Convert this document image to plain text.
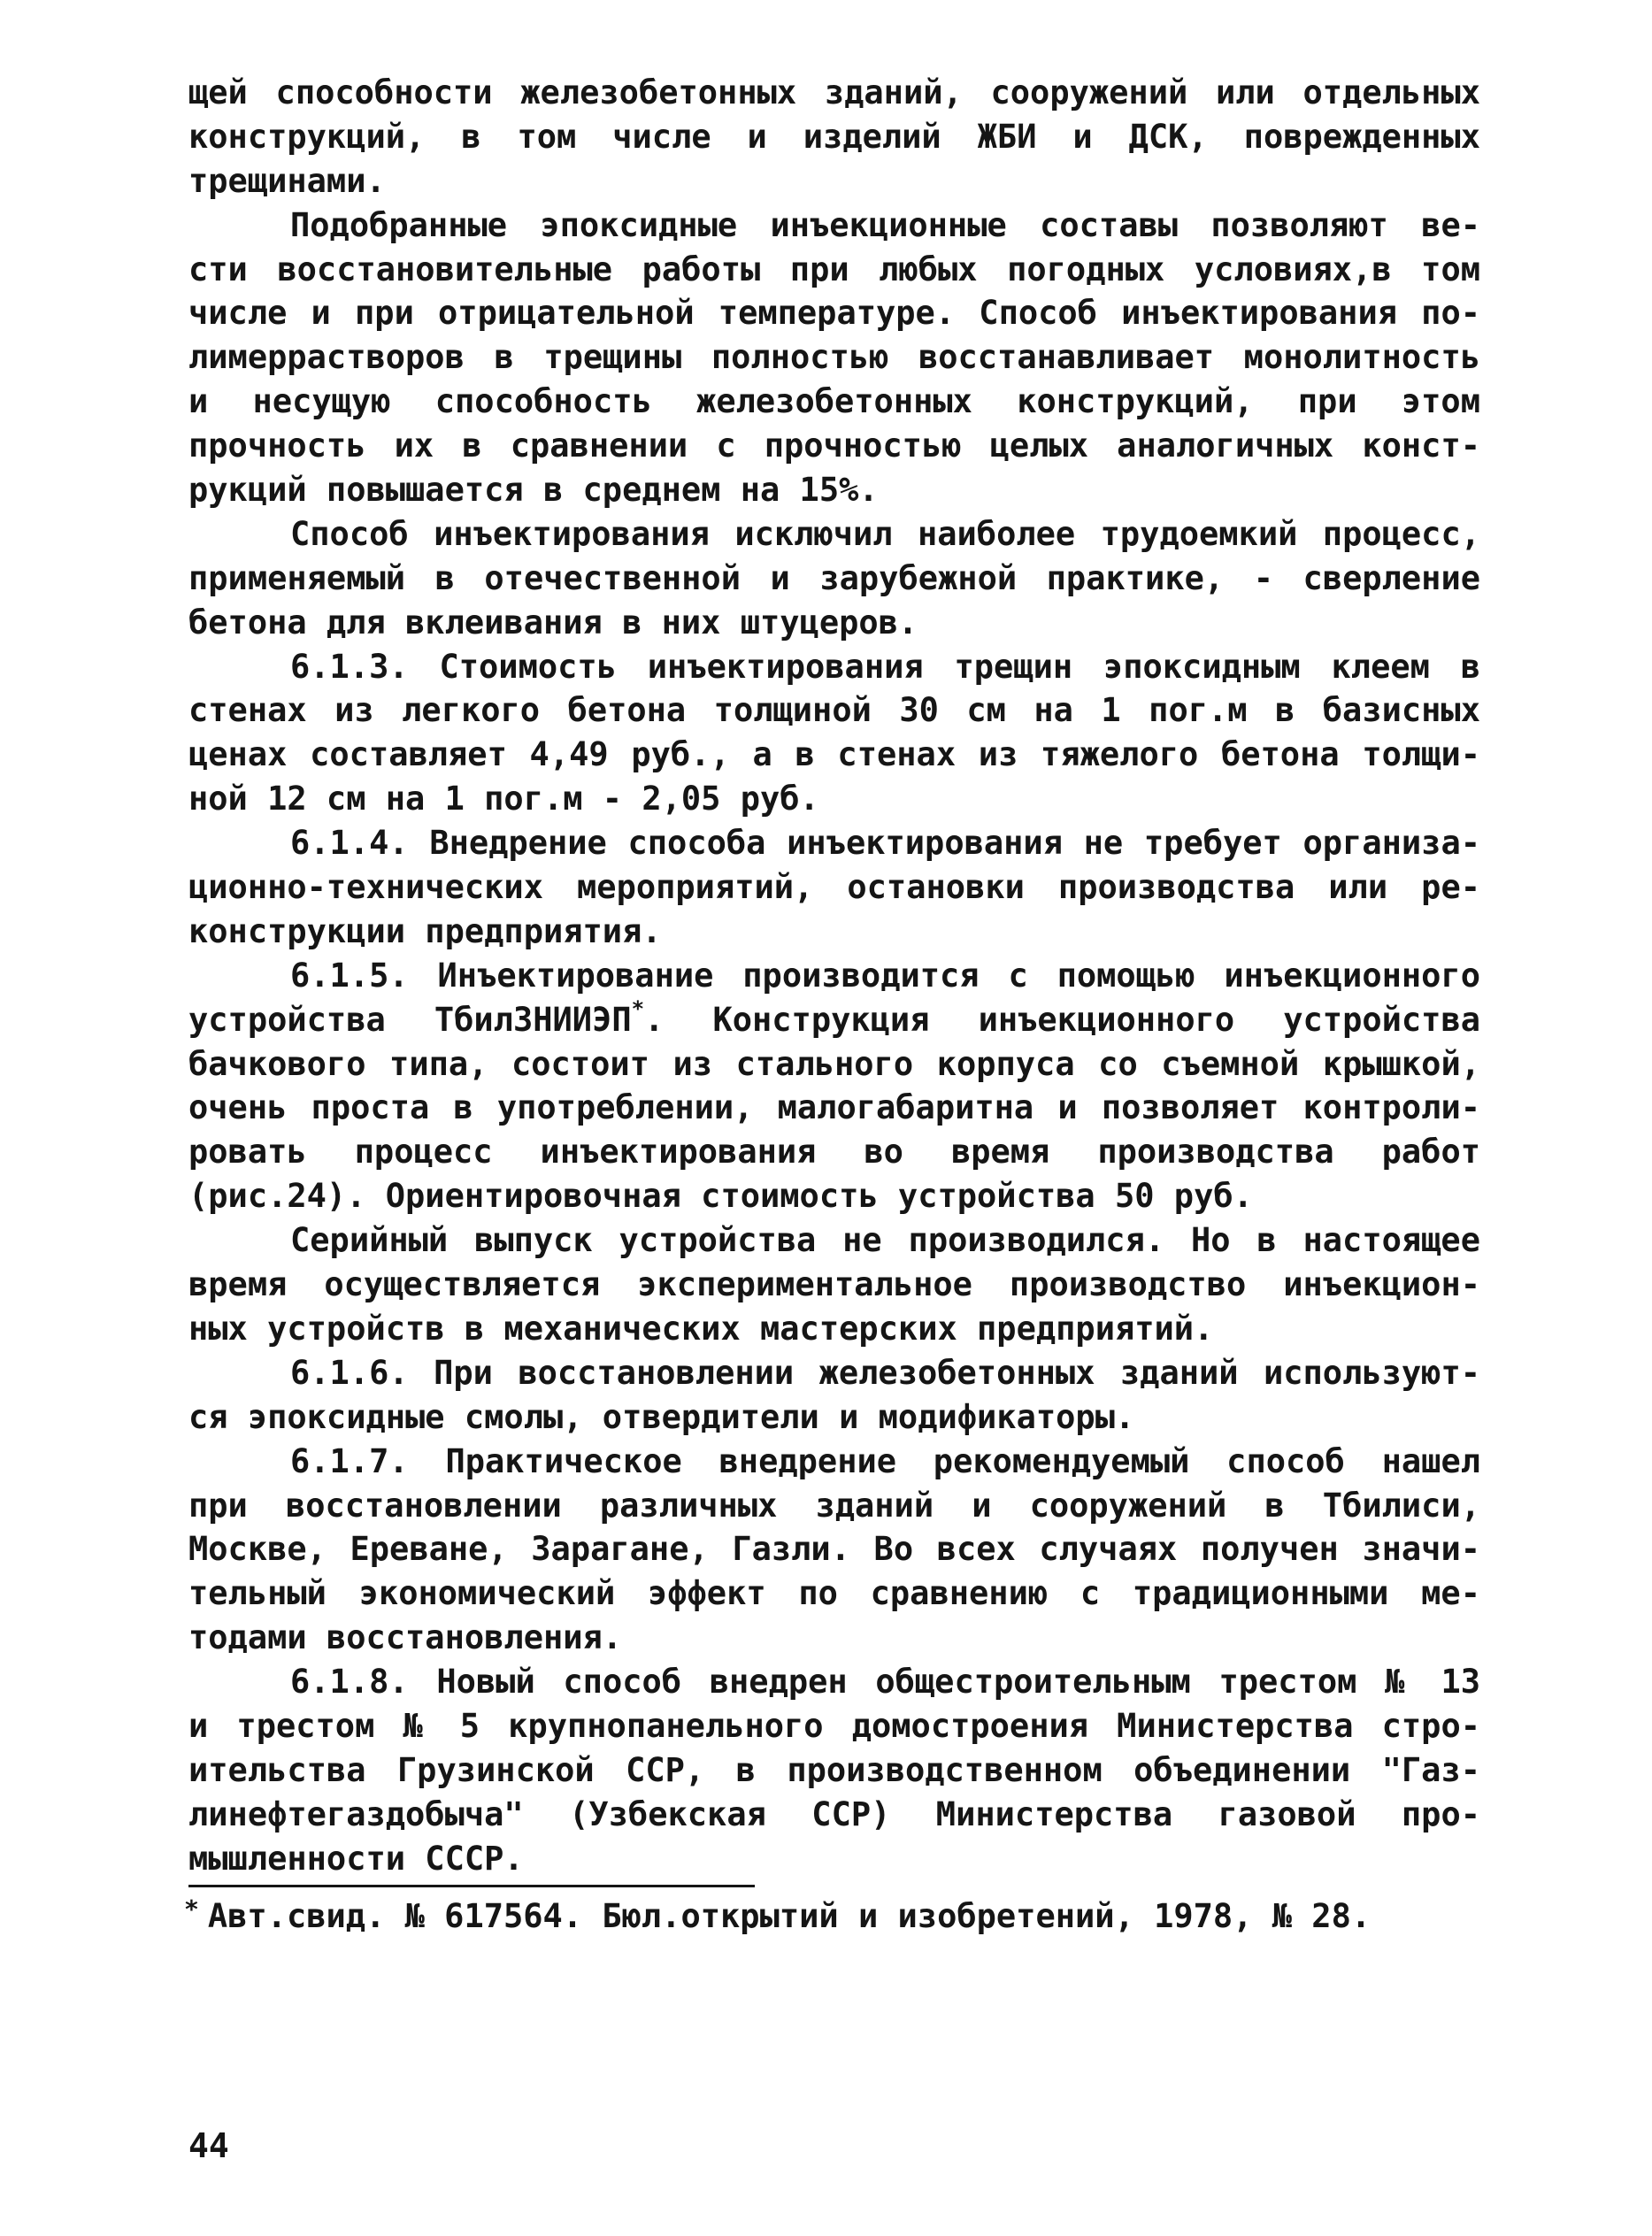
щей способности железобетонных зданий, сооружений или отдельных
конструкций, в том числе и изделий ЖБИ и ДСК, поврежденных
трещинами.
Подобранные эпоксидные инъекционные составы позволяют ве-
сти восстановительные работы при любых погодных условиях,в том
числе и при отрицательной температуре. Способ инъектирования по-
лимеррастворов в трещины полностью восстанавливает монолитность
и несущую способность железобетонных конструкций, при этом
прочность их в сравнении с прочностью целых аналогичных конст-
рукций повышается в среднем на 15%.
Способ инъектирования исключил наиболее трудоемкий процесс,
применяемый в отечественной и зарубежной практике, - сверление
бетона для вклеивания в них штуцеров.
6.1.3. Стоимость инъектирования трещин эпоксидным клеем в
стенах из легкого бетона толщиной 30 см на 1 пог.м в базисных
ценах составляет 4,49 руб., а в стенах из тяжелого бетона толщи-
ной 12 см на 1 пог.м - 2,05 руб.
6.1.4. Внедрение способа инъектирования не требует организа-
ционно-технических мероприятий, остановки производства или ре-
конструкции предприятия.
6.1.5. Инъектирование производится с помощью инъекционного
устройства ТбилЗНИИЭП*. Конструкция инъекционного устройства
бачкового типа, состоит из стального корпуса со съемной крышкой,
очень проста в употреблении, малогабаритна и позволяет контроли-
ровать процесс инъектирования во время производства работ
(рис.24). Ориентировочная стоимость устройства 50 руб.
Серийный выпуск устройства не производился. Но в настоящее
время осуществляется экспериментальное производство инъекцион-
ных устройств в механических мастерских предприятий.
6.1.6. При восстановлении железобетонных зданий используют-
ся эпоксидные смолы, отвердители и модификаторы.
6.1.7. Практическое внедрение рекомендуемый способ нашел
при восстановлении различных зданий и сооружений в Тбилиси,
Москве, Ереване, Зарагане, Газли. Во всех случаях получен значи-
тельный экономический эффект по сравнению с традиционными ме-
тодами восстановления.
6.1.8. Новый способ внедрен общестроительным трестом № 13
и трестом № 5 крупнопанельного домостроения Министерства стро-
ительства Грузинской ССР, в производственном объединении "Газ-
линефтегаздобыча" (Узбекская ССР) Министерства газовой про-
мышленности СССР.
* Авт.свид. № 617564. Бюл.открытий и изобретений, 1978, № 28.
44
